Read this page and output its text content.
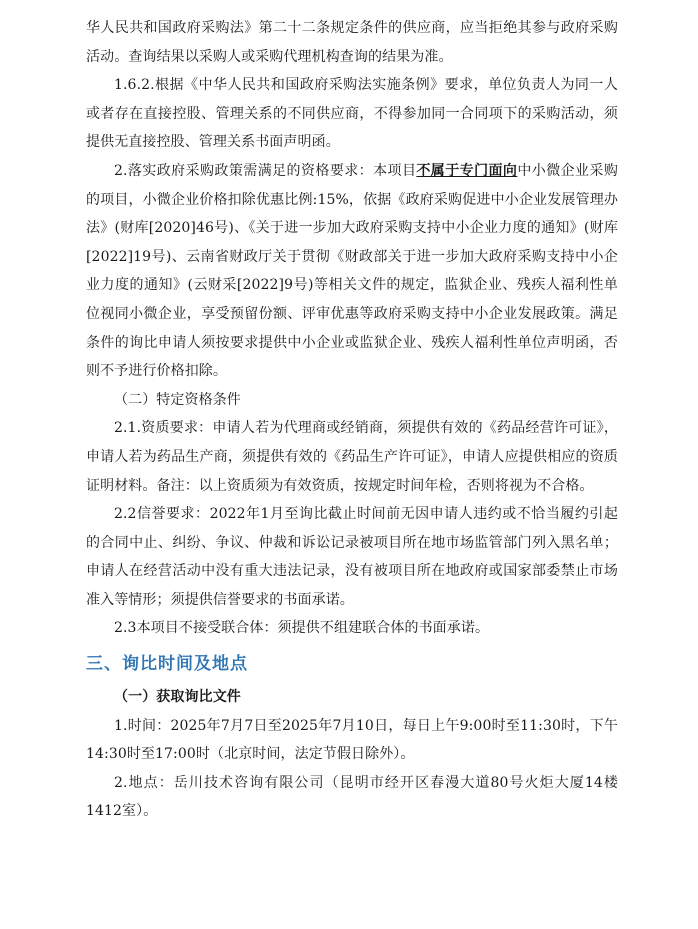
华人民共和国政府采购法》第二十二条规定条件的供应商，应当拒绝其参与政府采购活动。查询结果以采购人或采购代理机构查询的结果为准。

1.6.2.根据《中华人民共和国政府采购法实施条例》要求，单位负责人为同一人或者存在直接控股、管理关系的不同供应商，不得参加同一合同项下的采购活动，须提供无直接控股、管理关系书面声明函。

2.落实政府采购政策需满足的资格要求：本项目不属于专门面向中小微企业采购的项目，小微企业价格扣除优惠比例:15%，依据《政府采购促进中小企业发展管理办法》(财库[2020]46号)、《关于进一步加大政府采购支持中小企业力度的通知》(财库[2022]19号)、云南省财政厅关于贯彻《财政部关于进一步加大政府采购支持中小企业力度的通知》(云财采[2022]9号)等相关文件的规定，监狱企业、残疾人福利性单位视同小微企业，享受预留份额、评审优惠等政府采购支持中小企业发展政策。满足条件的询比申请人须按要求提供中小企业或监狱企业、残疾人福利性单位声明函，否则不予进行价格扣除。

（二）特定资格条件

2.1.资质要求：申请人若为代理商或经销商，须提供有效的《药品经营许可证》，申请人若为药品生产商，须提供有效的《药品生产许可证》，申请人应提供相应的资质证明材料。备注：以上资质须为有效资质，按规定时间年检，否则将视为不合格。

2.2信誉要求：2022年1月至询比截止时间前无因申请人违约或不恰当履约引起的合同中止、纠纷、争议、仲裁和诉讼记录被项目所在地市场监管部门列入黑名单；申请人在经营活动中没有重大违法记录，没有被项目所在地政府或国家部委禁止市场准入等情形；须提供信誉要求的书面承诺。

2.3本项目不接受联合体：须提供不组建联合体的书面承诺。

三、询比时间及地点

（一）获取询比文件

1.时间：2025年7月7日至2025年7月10日，每日上午9:00时至11:30时，下午14:30时至17:00时（北京时间，法定节假日除外）。

2.地点：岳川技术咨询有限公司（昆明市经开区春漫大道80号火炬大厦14楼1412室）。
